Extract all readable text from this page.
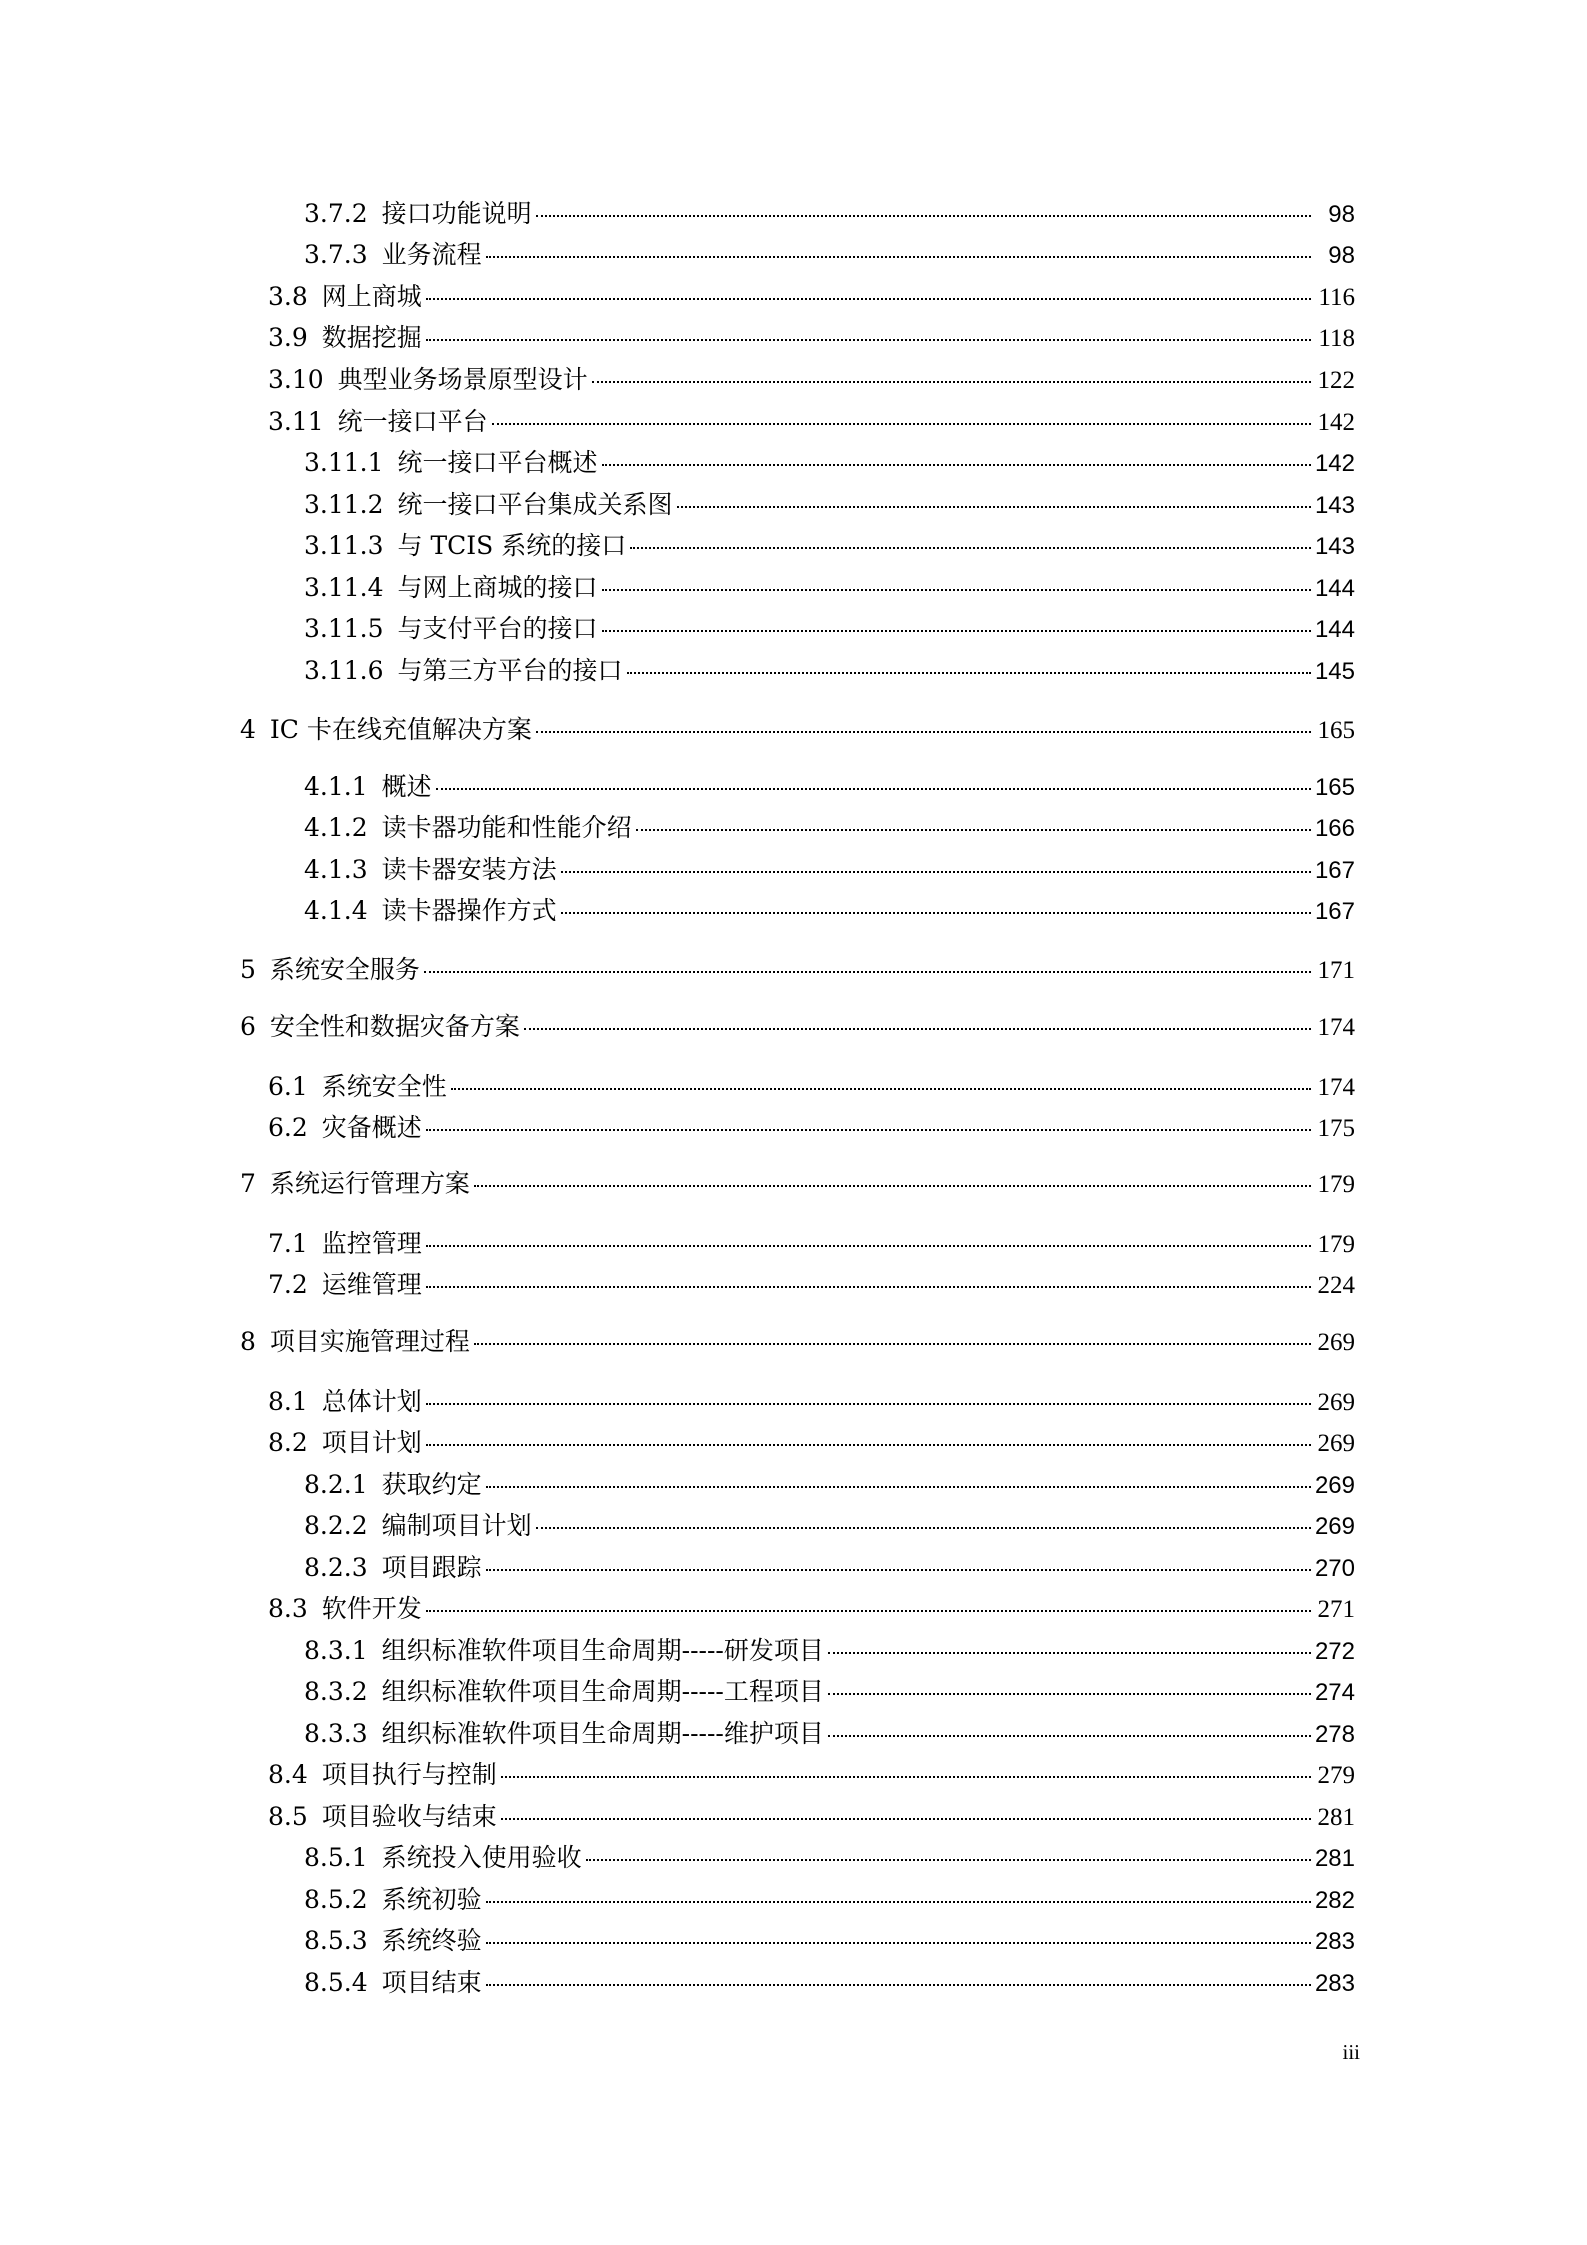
3.7.2 接口功能说明	98
3.7.3 业务流程	98
3.8 网上商城	116
3.9 数据挖掘	118
3.10 典型业务场景原型设计	122
3.11 统一接口平台	142
3.11.1 统一接口平台概述	142
3.11.2 统一接口平台集成关系图	143
3.11.3 与 TCIS 系统的接口	143
3.11.4 与网上商城的接口	144
3.11.5 与支付平台的接口	144
3.11.6 与第三方平台的接口	145
4 IC 卡在线充值解决方案	165
4.1.1 概述	165
4.1.2 读卡器功能和性能介绍	166
4.1.3 读卡器安装方法	167
4.1.4 读卡器操作方式	167
5 系统安全服务	171
6 安全性和数据灾备方案	174
6.1 系统安全性	174
6.2 灾备概述	175
7 系统运行管理方案	179
7.1 监控管理	179
7.2 运维管理	224
8 项目实施管理过程	269
8.1 总体计划	269
8.2 项目计划	269
8.2.1 获取约定	269
8.2.2 编制项目计划	269
8.2.3 项目跟踪	270
8.3 软件开发	271
8.3.1 组织标准软件项目生命周期-----研发项目	272
8.3.2 组织标准软件项目生命周期-----工程项目	274
8.3.3 组织标准软件项目生命周期-----维护项目	278
8.4 项目执行与控制	279
8.5 项目验收与结束	281
8.5.1 系统投入使用验收	281
8.5.2 系统初验	282
8.5.3 系统终验	283
8.5.4 项目结束	283
iii
